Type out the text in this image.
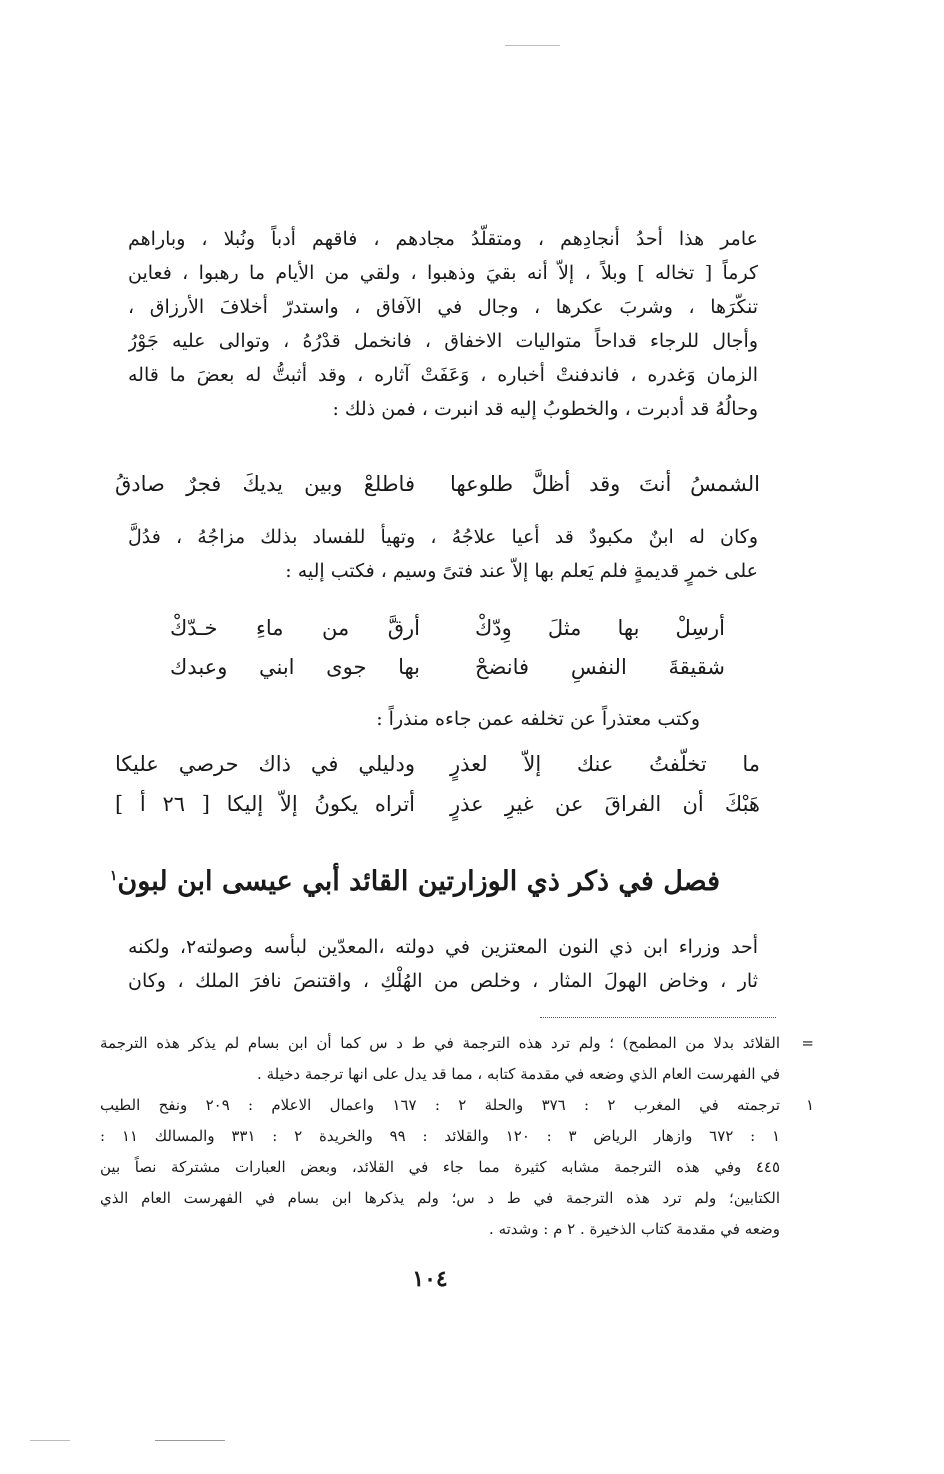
عامر هذا أحدُ أنجادِهم ، ومتقلّدُ مجادهم ، فاقهم أدباً ونُبلا ، وباراهم
كرماً [ تخاله ] وبلاً ، إلاّ أنه بقيَ وذهبوا ، ولقي من الأيام ما رهبوا ، فعاين
تنكّرَها ، وشربَ عكرها ، وجال في الآفاق ، واستدرّ أخلافَ الأرزاق ،
وأجال للرجاء قداحاً متواليات الاخفاق ، فانخمل قدْرُهُ ، وتوالى عليه جَوْرُ
الزمان وَغدره ، فاندفنتْ أخباره ، وَعَفَتْ آثاره ، وقد أثبتُّ له بعضَ ما قاله
وحالُهُ قد أدبرت ، والخطوبُ إليه قد انبرت ، فمن ذلك :
الشمسُ أنتَ وقد أظلَّ طلوعها
فاطلعْ وبين يديكَ فجرٌ صادقُ
وكان له ابنٌ مكبودٌ قد أعيا علاجُهُ ، وتهيأ للفساد بذلك مزاجُهُ ، فدُلَّ
على خمرٍ قديمةٍ فلم يَعلم بها إلاّ عند فتىً وسيم ، فكتب إليه :
أرسِلْ بها مثلَ وِدّكْ
أرقَّ من ماءِ خـدّكْ
شقيقةَ النفسِ فانضحْ
بها جوى ابني وعبدك
وكتب معتذراً عن تخلفه عمن جاءه منذراً :
ما تخلّفتُ عنك إلاّ لعذرٍ
ودليلي في ذاك حرصي عليكا
هَبْكَ أن الفراقَ عن غيرِ عذرٍ
أتراه يكونُ إلاّ إليكا [ ٢٦ أ ]
فصل في ذكر ذي الوزارتين القائد أبي عيسى ابن لبون$^١$
أحد وزراء ابن ذي النون المعتزين في دولته ،المعدّين لبأسه وصولته٢، ولكنه
ثار ، وخاض الهولَ المثار ، وخلص من الهُلْكِ ، واقتنصَ نافرَ الملك ، وكان
=
١
القلائد بدلا من المطمح) ؛ ولم ترد هذه الترجمة في ط د س كما أن ابن بسام لم يذكر هذه الترجمة
في الفهرست العام الذي وضعه في مقدمة كتابه ، مما قد يدل على انها ترجمة دخيلة .
ترجمته في المغرب ٢ : ٣٧٦ والحلة ٢ : ١٦٧ واعمال الاعلام : ٢٠٩ ونفح الطيب
١ : ٦٧٢ وازهار الرياض ٣ : ١٢٠ والقلائد : ٩٩ والخريدة ٢ : ٣٣١ والمسالك ١١ :
٤٤٥ وفي هذه الترجمة مشابه كثيرة مما جاء في القلائد، وبعض العبارات مشتركة نصاً بين
الكتابين؛ ولم ترد هذه الترجمة في ط د س؛ ولم يذكرها ابن بسام في الفهرست العام الذي
وضعه في مقدمة كتاب الذخيرة . ٢ م : وشدته .
١٠٤
